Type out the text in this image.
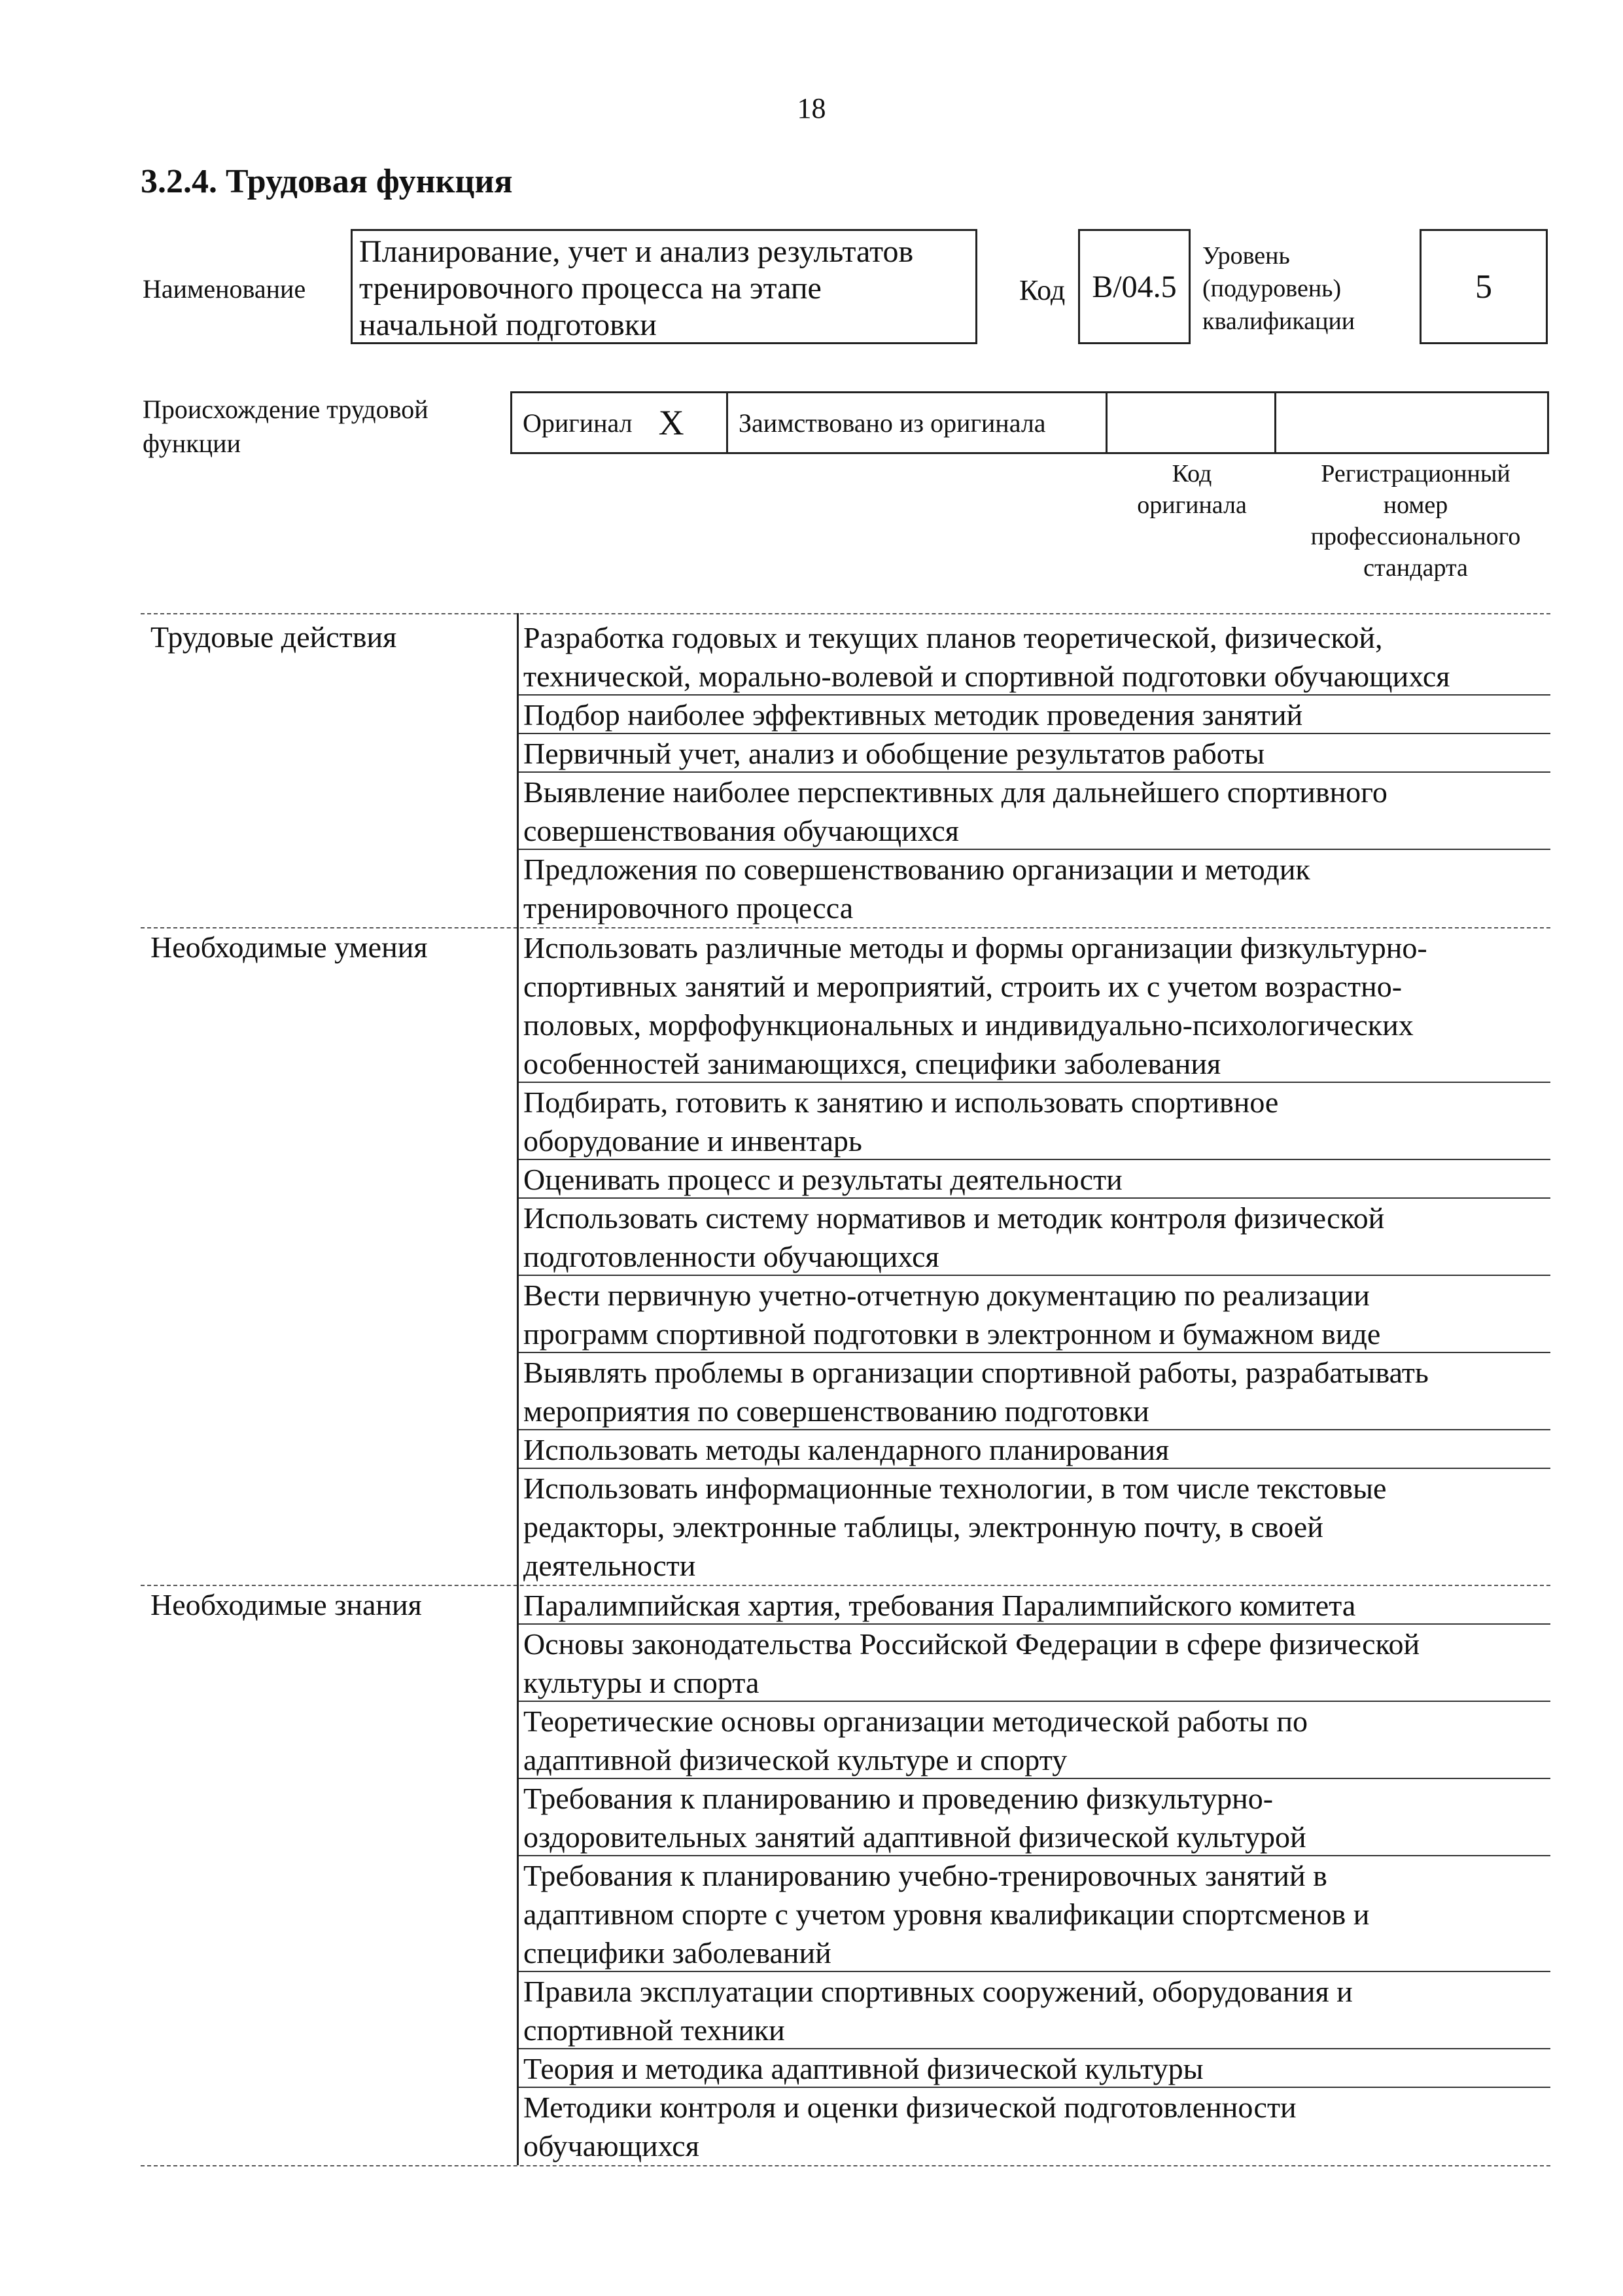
18
3.2.4. Трудовая функция
Наименование
Планирование, учет и анализ результатов
тренировочного процесса на этапе
начальной подготовки
Код B/04.5
Уровень
(подуровень)
квалификации
5
Происхождение трудовой
функции
Оригинал X Заимствовано из оригинала
Код
оригинала
Регистрационный
номер
профессионального
стандарта
Трудовые действия	Разработка годовых и текущих планов теоретической, физической,
технической, морально-волевой и спортивной подготовки обучающихся
Подбор наиболее эффективных методик проведения занятий
Первичный учет, анализ и обобщение результатов работы
Выявление наиболее перспективных для дальнейшего спортивного
совершенствования обучающихся
Предложения по совершенствованию организации и методик
тренировочного процесса
Необходимые умения	Использовать различные методы и формы организации физкультурно-
спортивных занятий и мероприятий, строить их с учетом возрастно-
половых, морфофункциональных и индивидуально-психологических
особенностей занимающихся, специфики заболевания
Подбирать, готовить к занятию и использовать спортивное
оборудование и инвентарь
Оценивать процесс и результаты деятельности
Использовать систему нормативов и методик контроля физической
подготовленности обучающихся
Вести первичную учетно-отчетную документацию по реализации
программ спортивной подготовки в электронном и бумажном виде
Выявлять проблемы в организации спортивной работы, разрабатывать
мероприятия по совершенствованию подготовки
Использовать методы календарного планирования
Использовать информационные технологии, в том числе текстовые
редакторы, электронные таблицы, электронную почту, в своей
деятельности
Необходимые знания	Паралимпийская хартия, требования Паралимпийского комитета
Основы законодательства Российской Федерации в сфере физической
культуры и спорта
Теоретические основы организации методической работы по
адаптивной физической культуре и спорту
Требования к планированию и проведению физкультурно-
оздоровительных занятий адаптивной физической культурой
Требования к планированию учебно-тренировочных занятий в
адаптивном спорте с учетом уровня квалификации спортсменов и
специфики заболеваний
Правила эксплуатации спортивных сооружений, оборудования и
спортивной техники
Теория и методика адаптивной физической культуры
Методики контроля и оценки физической подготовленности
обучающихся
